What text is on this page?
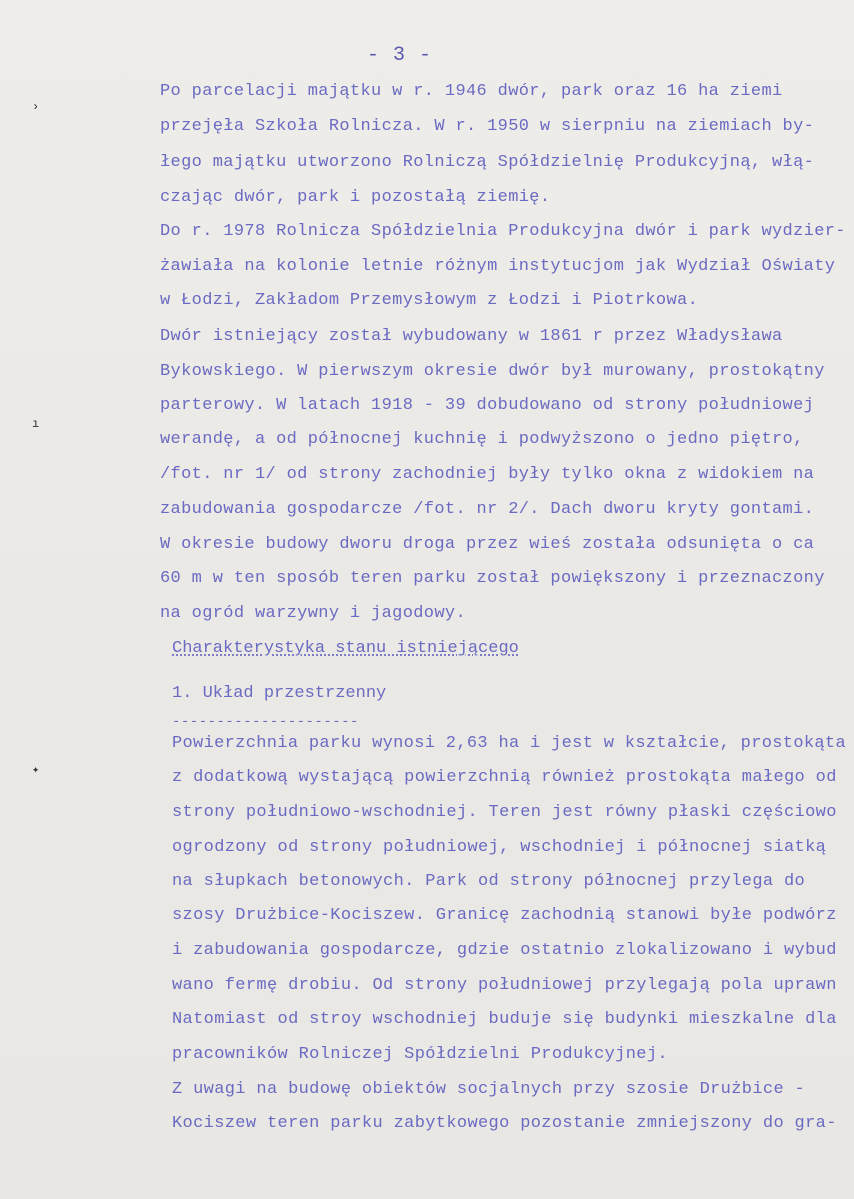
- 3 -
Po parcelacji majątku w r. 1946 dwór, park oraz 16 ha ziemi
przejęła Szkoła Rolnicza. W r. 1950 w sierpniu na ziemiach by-
łego majątku utworzono Rolniczą Spółdzielnię Produkcyjną, włą-
czając dwór, park i pozostałą ziemię.
Do r. 1978 Rolnicza Spółdzielnia Produkcyjna dwór i park wydzier-
żawiała na kolonie letnie różnym instytucjom jak Wydział Oświaty
w Łodzi, Zakładom Przemysłowym z Łodzi i Piotrkowa.
Dwór istniejący został wybudowany w 1861 r przez Władysława
Bykowskiego. W pierwszym okresie dwór był murowany, prostokątny
parterowy. W latach 1918 - 39 dobudowano od strony południowej
werandę, a od północnej kuchnię i podwyższono o jedno piętro,
/fot. nr 1/ od strony zachodniej były tylko okna z widokiem na
zabudowania gospodarcze /fot. nr 2/. Dach dworu kryty gontami.
W okresie budowy dworu droga przez wieś została odsunięta o ca
60 m w ten sposób teren parku został powiększony i przeznaczony
na ogród warzywny i jagodowy.
Charakterystyka stanu istniejącego
1. Układ przestrzenny
---------------------
Powierzchnia parku wynosi 2,63 ha i jest w kształcie, prostokąta
z dodatkową wystającą powierzchnią również prostokąta małego od
strony południowo-wschodniej. Teren jest równy płaski częściowo
ogrodzony od strony południowej, wschodniej i północnej siatką
na słupkach betonowych. Park od strony północnej przylega do
szosy Drużbice-Kociszew. Granicę zachodnią stanowi byłe podwórz
i zabudowania gospodarcze, gdzie ostatnio zlokalizowano i wybud
wano fermę drobiu. Od strony południowej przylegają pola uprawn
Natomiast od stroy wschodniej buduje się budynki mieszkalne dla
pracowników Rolniczej Spółdzielni Produkcyjnej.
Z uwagi na budowę obiektów socjalnych przy szosie Drużbice -
Kociszew teren parku zabytkowego pozostanie zmniejszony do gra-
›
ı
✦
